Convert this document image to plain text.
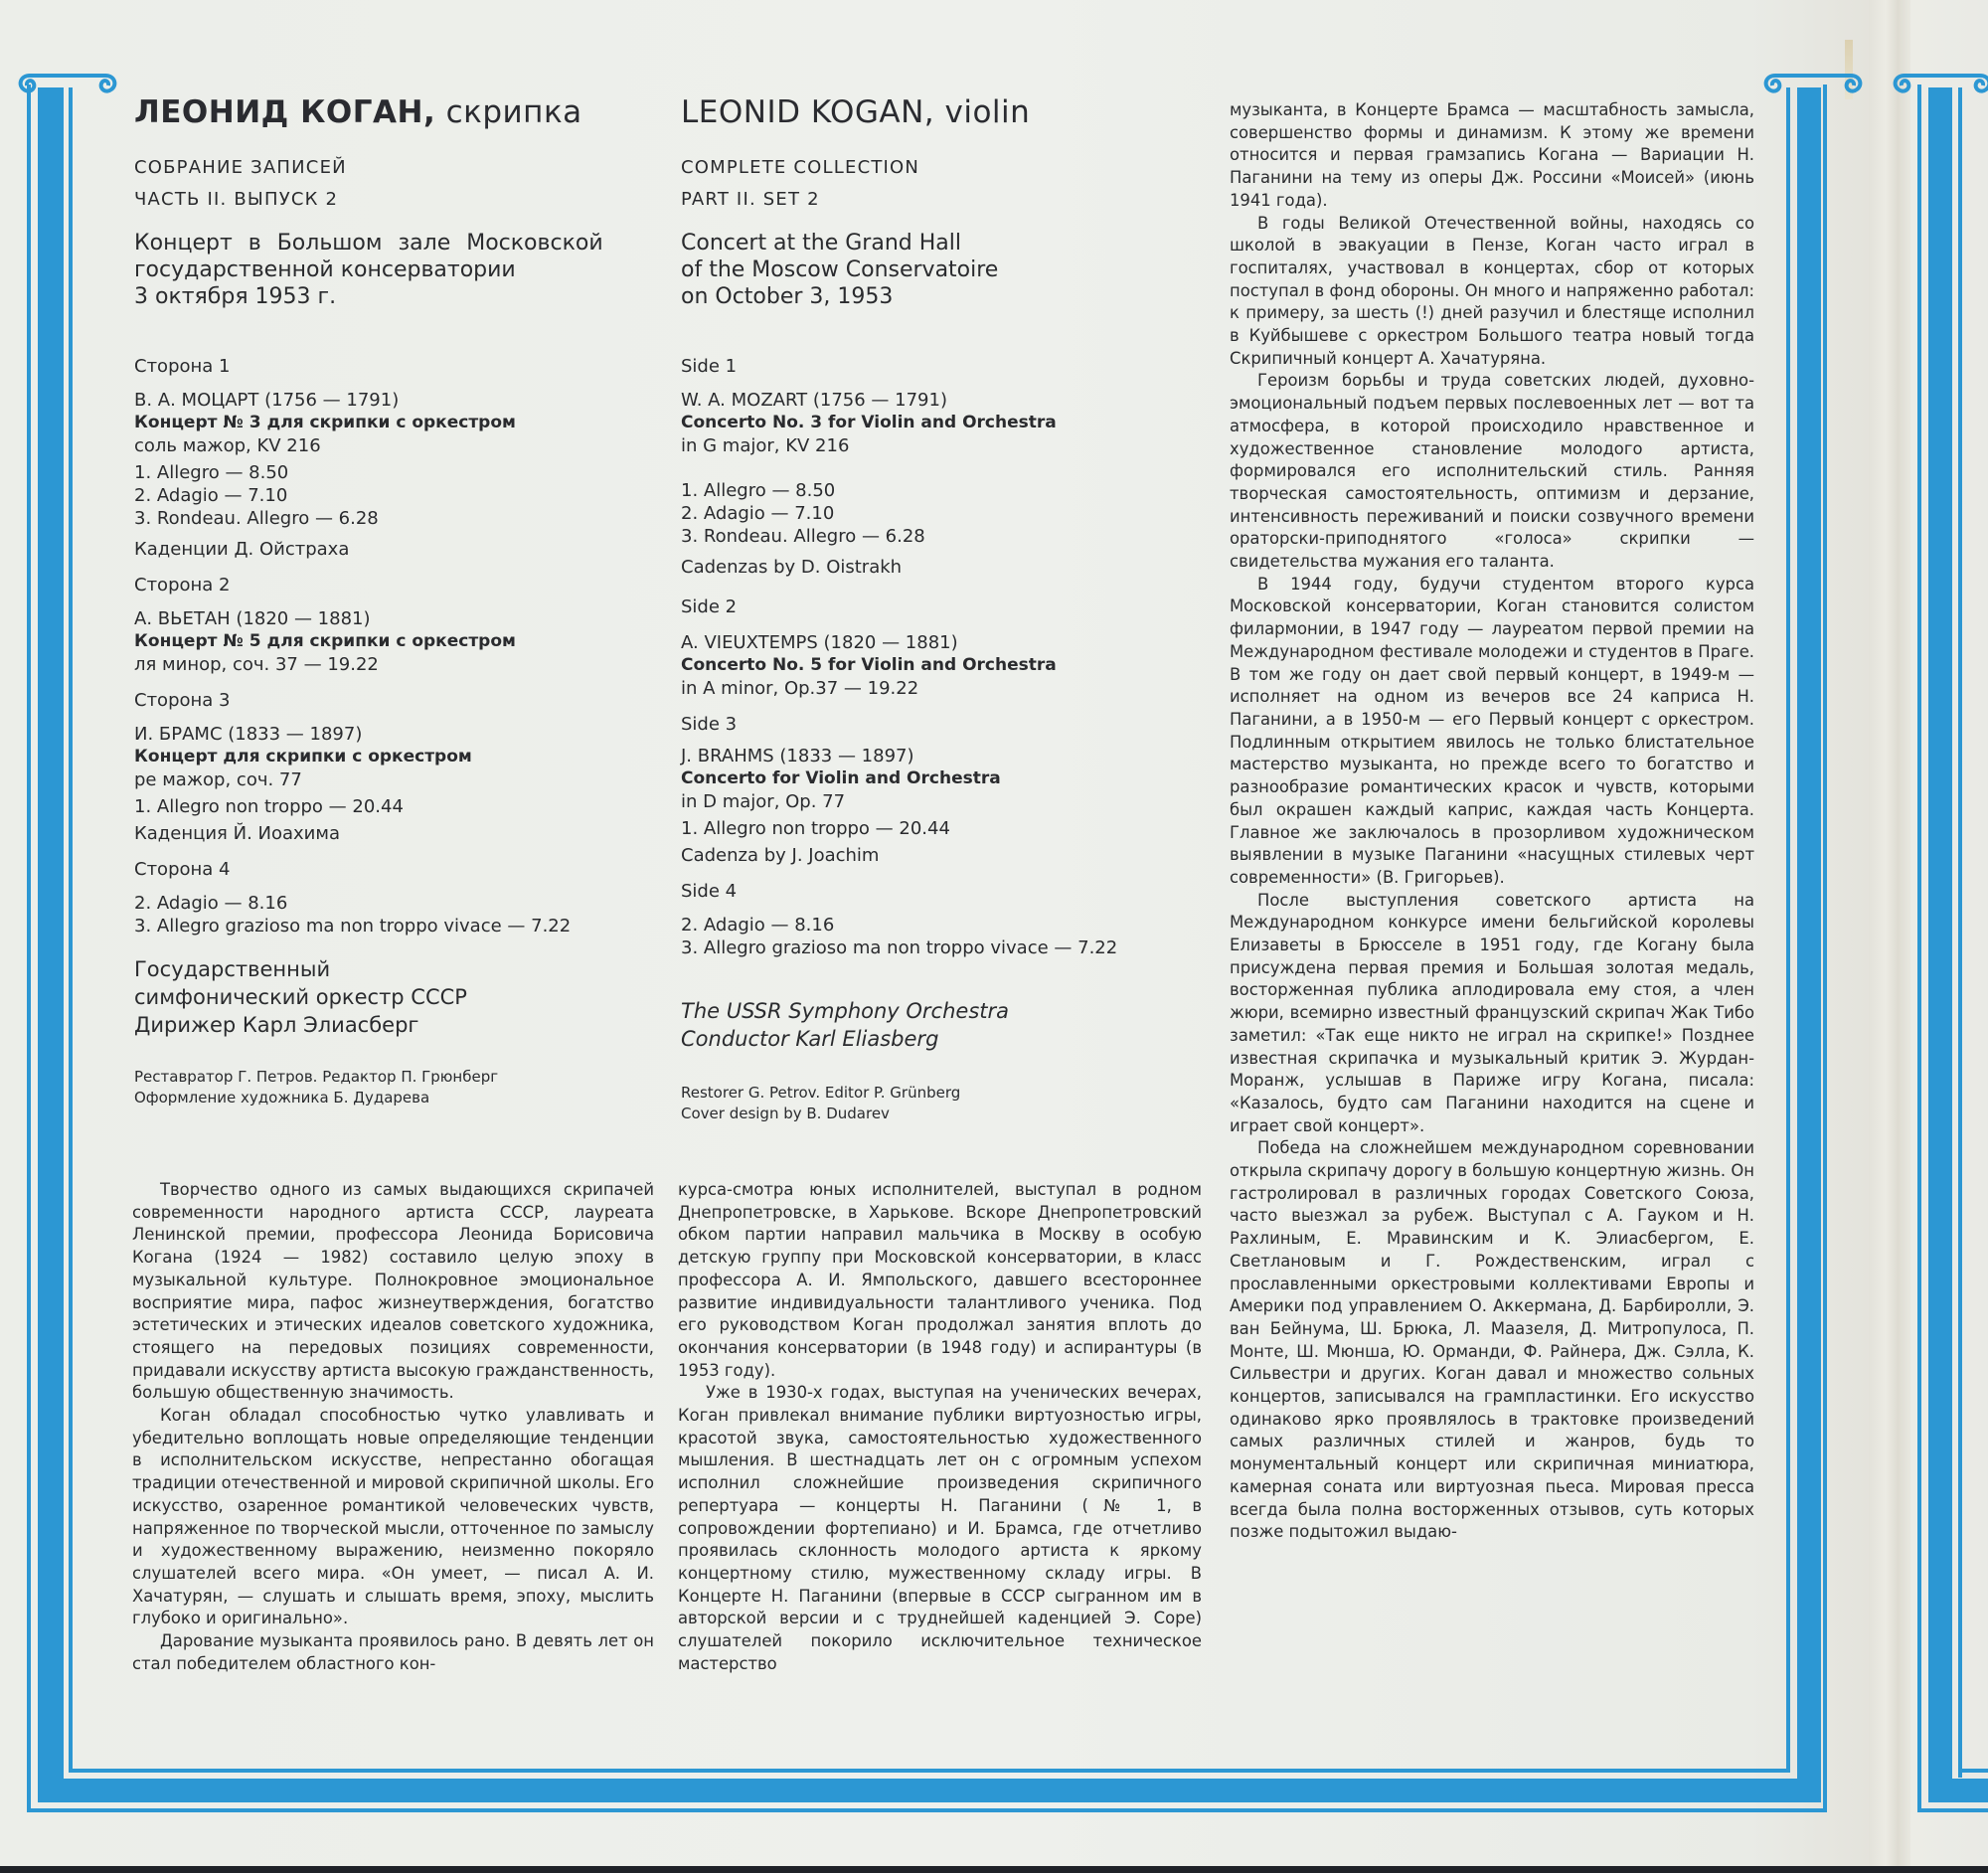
ЛЕОНИД КОГАН, скрипка

СОБРАНИЕ ЗАПИСЕЙ

ЧАСТЬ II. ВЫПУСК 2

Концерт в Большом зале Московской
государственной консерватории
3 октября 1953 г.

Сторона 1

В. А. МОЦАРТ (1756 — 1791)

Концерт № 3 для скрипки с оркестром

соль мажор, KV 216

1. Allegro — 8.50

2. Adagio — 7.10

3. Rondeau. Allegro — 6.28

Каденции Д. Ойстраха

Сторона 2

А. ВЬЕТАН (1820 — 1881)

Концерт № 5 для скрипки с оркестром

ля минор, соч. 37 — 19.22

Сторона 3

И. БРАМС (1833 — 1897)

Концерт для скрипки с оркестром

ре мажор, соч. 77

1. Allegro non troppo — 20.44

Каденция Й. Иоахима

Сторона 4

2. Adagio — 8.16

3. Allegro grazioso ma non troppo vivace — 7.22

Государственный

симфонический оркестр СССР

Дирижер Карл Элиасберг

Реставратор Г. Петров. Редактор П. Грюнберг

Оформление художника Б. Дударева

LEONID KOGAN, violin

COMPLETE COLLECTION

PART II. SET 2

Concert at the Grand Hall
of the Moscow Conservatoire
on October 3, 1953

Side 1

W. A. MOZART (1756 — 1791)

Concerto No. 3 for Violin and Orchestra

in G major, KV 216

1. Allegro — 8.50

2. Adagio — 7.10

3. Rondeau. Allegro — 6.28

Cadenzas by D. Oistrakh

Side 2

A. VIEUXTEMPS (1820 — 1881)

Concerto No. 5 for Violin and Orchestra

in A minor, Op.37 — 19.22

Side 3

J. BRAHMS (1833 — 1897)

Concerto for Violin and Orchestra

in D major, Op. 77

1. Allegro non troppo — 20.44

Cadenza by J. Joachim

Side 4

2. Adagio — 8.16

3. Allegro grazioso ma non troppo vivace — 7.22

The USSR Symphony Orchestra

Conductor Karl Eliasberg

Restorer G. Petrov. Editor P. Grünberg

Cover design by B. Dudarev

Творчество одного из самых выдающихся скрипачей современности народного артиста СССР, лауреата Ленинской премии, профессора Леонида Борисовича Когана (1924 — 1982) составило целую эпоху в музыкальной культуре. Полнокровное эмоциональное восприятие мира, пафос жизнеутверждения, богатство эстетических и этических идеалов советского художника, стоящего на передовых позициях современности, придавали искусству артиста высокую гражданственность, большую общественную значимость.

Коган обладал способностью чутко улавливать и убедительно воплощать новые определяющие тенденции в исполнительском искусстве, непрестанно обогащая традиции отечественной и мировой скрипичной школы. Его искусство, озаренное романтикой человеческих чувств, напряженное по творческой мысли, отточенное по замыслу и художественному выражению, неизменно покоряло слушателей всего мира. «Он умеет, — писал А. И. Хачатурян, — слушать и слышать время, эпоху, мыслить глубоко и оригинально».

Дарование музыканта проявилось рано. В девять лет он стал победителем областного кон-

курса-смотра юных исполнителей, выступал в родном Днепропетровске, в Харькове. Вскоре Днепропетровский обком партии направил мальчика в Москву в особую детскую группу при Московской консерватории, в класс профессора А. И. Ямпольского, давшего всестороннее развитие индивидуальности талантливого ученика. Под его руководством Коган продолжал занятия вплоть до окончания консерватории (в 1948 году) и аспирантуры (в 1953 году).

Уже в 1930-х годах, выступая на ученических вечерах, Коган привлекал внимание публики виртуозностью игры, красотой звука, самостоятельностью художественного мышления. В шестнадцать лет он с огромным успехом исполнил сложнейшие произведения скрипичного репертуара — концерты Н. Паганини (№ 1, в сопровождении фортепиано) и И. Брамса, где отчетливо проявилась склонность молодого артиста к яркому концертному стилю, мужественному складу игры. В Концерте Н. Паганини (впервые в СССР сыгранном им в авторской версии и с труднейшей каденцией Э. Соре) слушателей покорило исключительное техническое мастерство

музыканта, в Концерте Брамса — масштабность замысла, совершенство формы и динамизм. К этому же времени относится и первая грамзапись Когана — Вариации Н. Паганини на тему из оперы Дж. Россини «Моисей» (июнь 1941 года).

В годы Великой Отечественной войны, находясь со школой в эвакуации в Пензе, Коган часто играл в госпиталях, участвовал в концертах, сбор от которых поступал в фонд обороны. Он много и напряженно работал: к примеру, за шесть (!) дней разучил и блестяще исполнил в Куйбышеве с оркестром Большого театра новый тогда Скрипичный концерт А. Хачатуряна.

Героизм борьбы и труда советских людей, духовно-эмоциональный подъем первых послевоенных лет — вот та атмосфера, в которой происходило нравственное и художественное становление молодого артиста, формировался его исполнительский стиль. Ранняя творческая самостоятельность, оптимизм и дерзание, интенсивность переживаний и поиски созвучного времени ораторски-приподнятого «голоса» скрипки — свидетельства мужания его таланта.

В 1944 году, будучи студентом второго курса Московской консерватории, Коган становится солистом филармонии, в 1947 году — лауреатом первой премии на Международном фестивале молодежи и студентов в Праге. В том же году он дает свой первый концерт, в 1949-м — исполняет на одном из вечеров все 24 каприса Н. Паганини, а в 1950-м — его Первый концерт с оркестром. Подлинным открытием явилось не только блистательное мастерство музыканта, но прежде всего то богатство и разнообразие романтических красок и чувств, которыми был окрашен каждый каприс, каждая часть Концерта. Главное же заключалось в прозорливом художническом выявлении в музыке Паганини «насущных стилевых черт современности» (В. Григорьев).

После выступления советского артиста на Международном конкурсе имени бельгийской королевы Елизаветы в Брюсселе в 1951 году, где Когану была присуждена первая премия и Большая золотая медаль, восторженная публика аплодировала ему стоя, а член жюри, всемирно известный французский скрипач Жак Тибо заметил: «Так еще никто не играл на скрипке!» Позднее известная скрипачка и музыкальный критик Э. Журдан-Моранж, услышав в Париже игру Когана, писала: «Казалось, будто сам Паганини находится на сцене и играет свой концерт».

Победа на сложнейшем международном соревновании открыла скрипачу дорогу в большую концертную жизнь. Он гастролировал в различных городах Советского Союза, часто выезжал за рубеж. Выступал с А. Гауком и Н. Рахлиным, Е. Мравинским и К. Элиасбергом, Е. Светлановым и Г. Рождественским, играл с прославленными оркестровыми коллективами Европы и Америки под управлением О. Аккермана, Д. Барбиролли, Э. ван Бейнума, Ш. Брюка, Л. Маазеля, Д. Митропулоса, П. Монте, Ш. Мюнша, Ю. Орманди, Ф. Райнера, Дж. Сэлла, К. Сильвестри и других. Коган давал и множество сольных концертов, записывался на грампластинки. Его искусство одинаково ярко проявлялось в трактовке произведений самых различных стилей и жанров, будь то монументальный концерт или скрипичная миниатюра, камерная соната или виртуозная пьеса. Мировая пресса всегда была полна восторженных отзывов, суть которых позже подытожил выдаю-
